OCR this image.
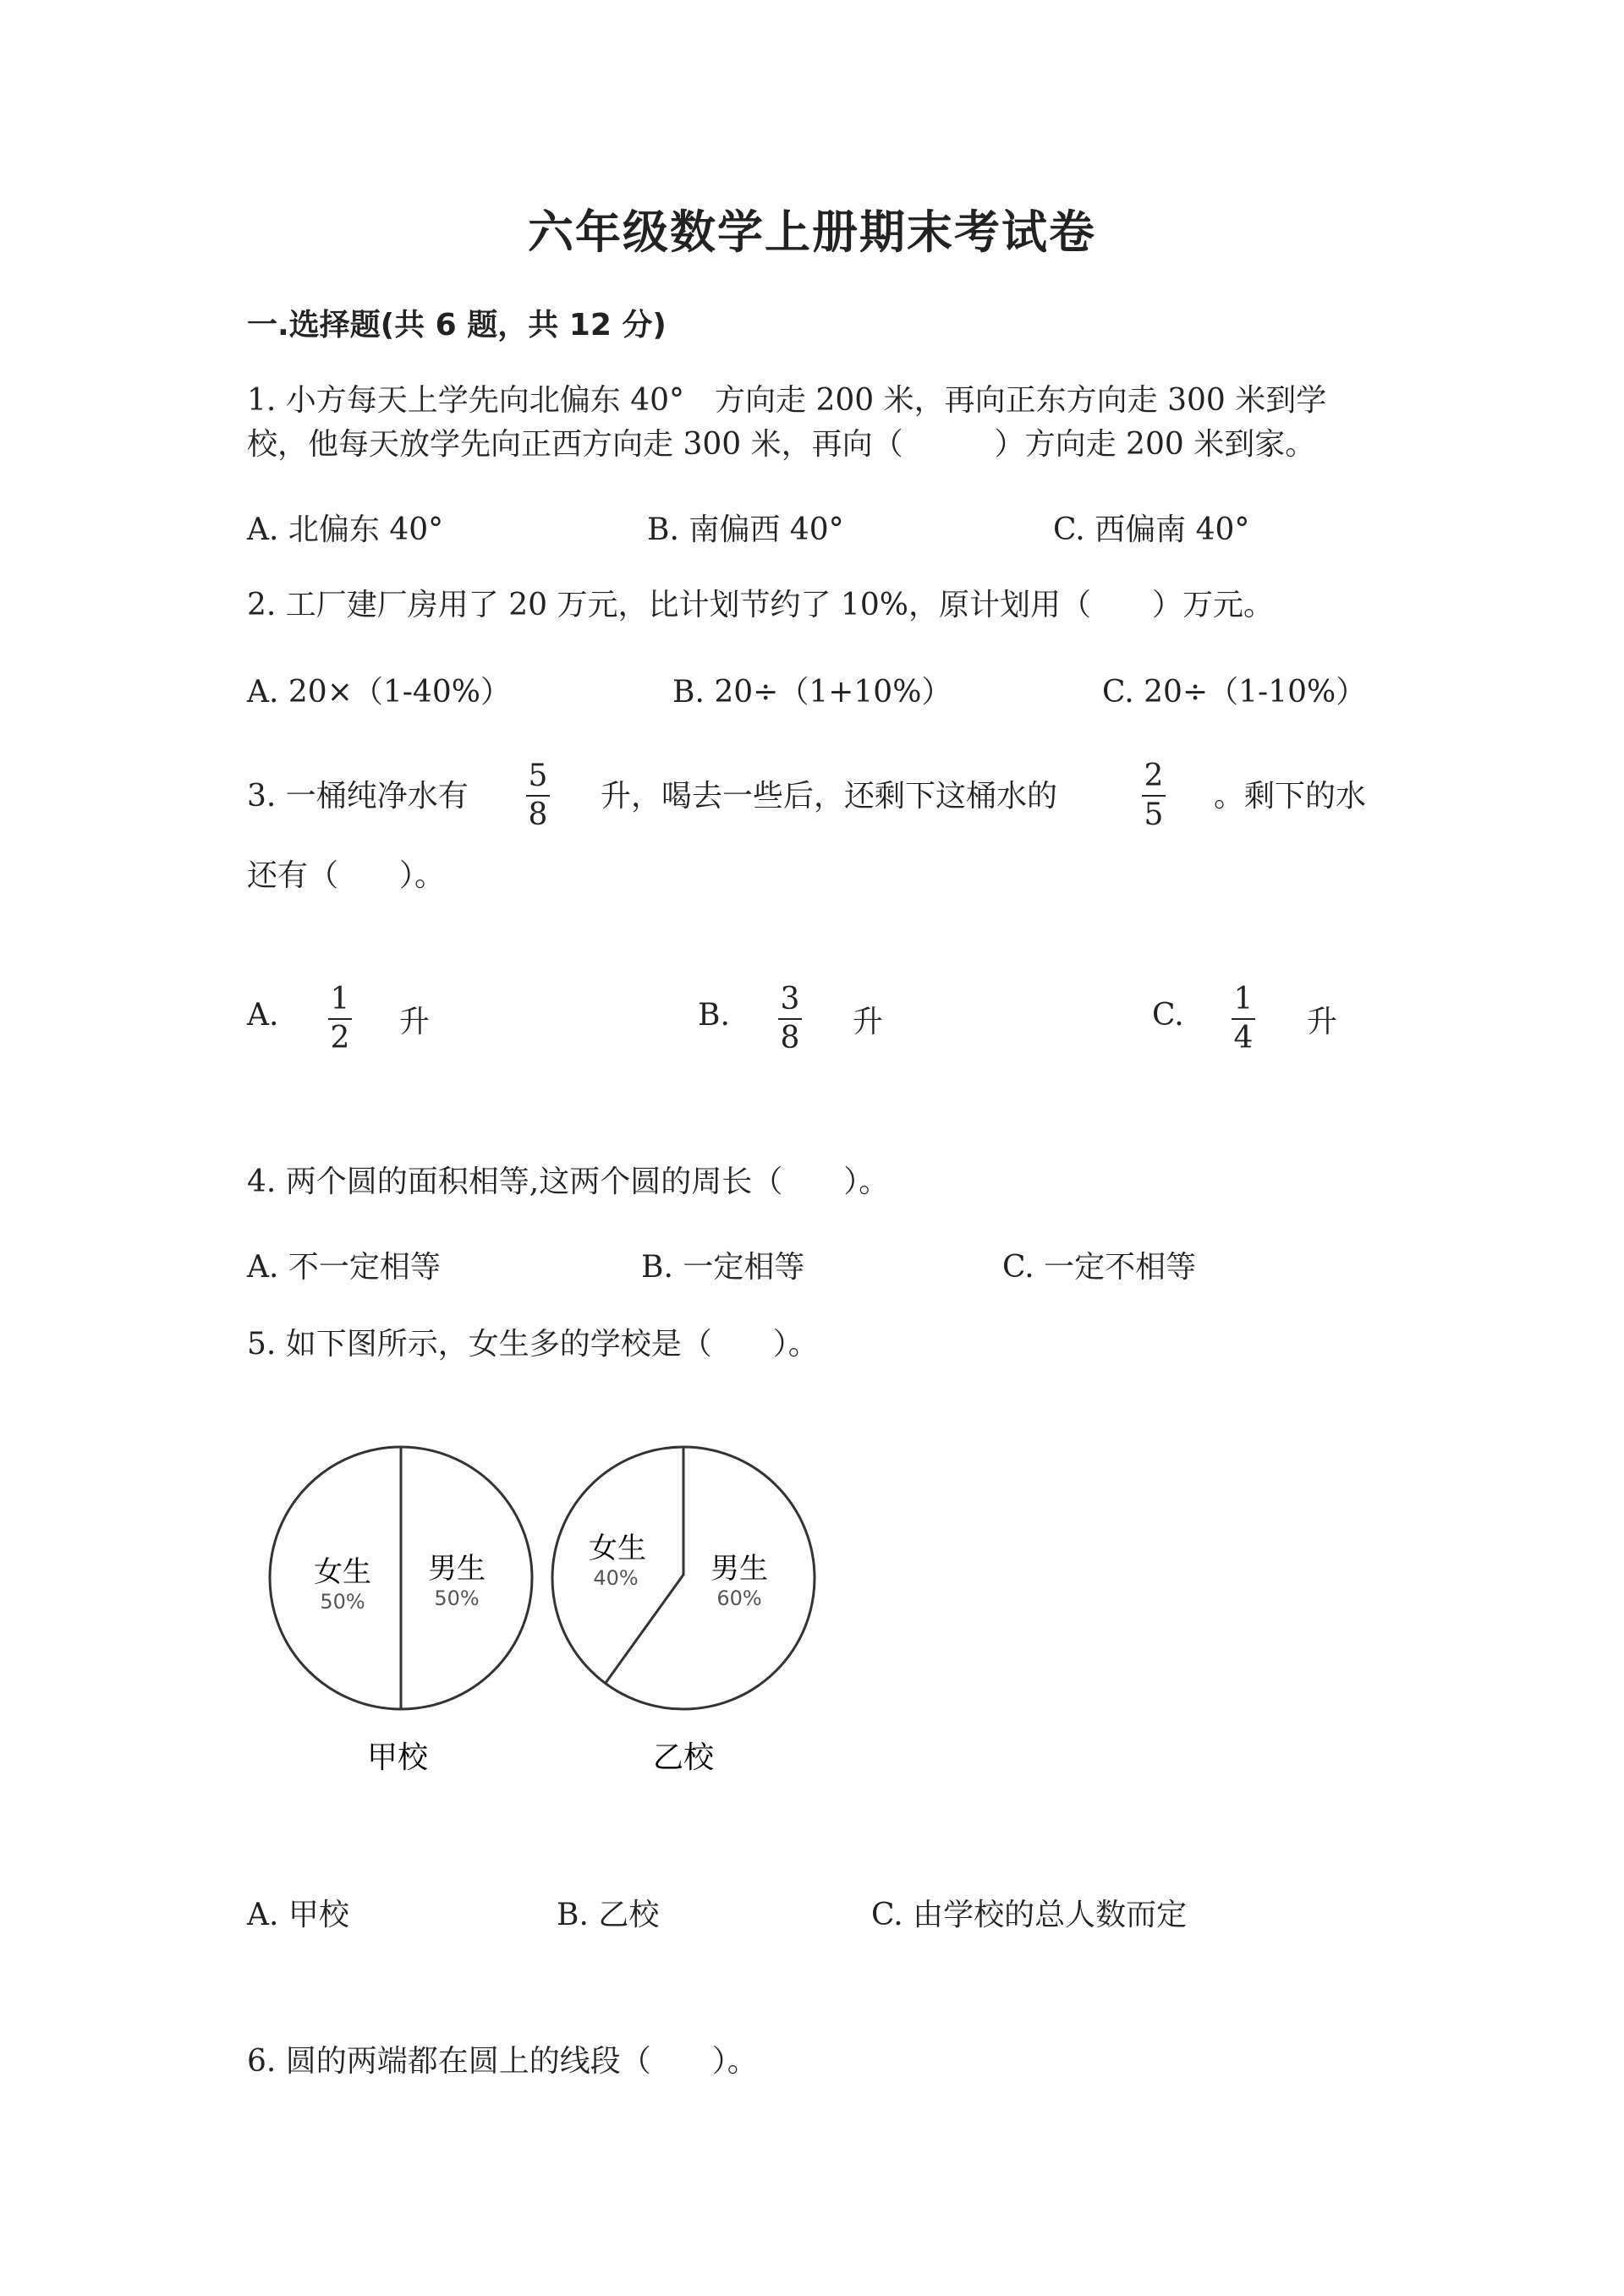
六年级数学上册期末考试卷
一.选择题(共 6 题，共 12 分)
1. 小方每天上学先向北偏东 40°　方向走 200 米，再向正东方向走 300 米到学
校，他每天放学先向正西方向走 300 米，再向（　　　）方向走 200 米到家。
A. 北偏东 40°	B. 南偏西 40°	C. 西偏南 40°
2. 工厂建厂房用了 20 万元，比计划节约了 10%，原计划用（　　）万元。
A. 20×（1-40%）	B. 20÷（1+10%）	C. 20÷（1-10%）
3. 一桶纯净水有
5
8
升，喝去一些后，还剩下这桶水的
2
5
。剩下的水
还有（　　）。
A. 1
2 升	B. 3
8 升	C. 1
4 升
4. 两个圆的面积相等,这两个圆的周长（　　）。
A. 不一定相等	B. 一定相等	C. 一定不相等
5. 如下图所示，女生多的学校是（　　）。
女生
50%
男生
50%
甲校
女生
40%	男生
60%
乙校
A. 甲校	B. 乙校	C. 由学校的总人数而定
6. 圆的两端都在圆上的线段（　　）。
